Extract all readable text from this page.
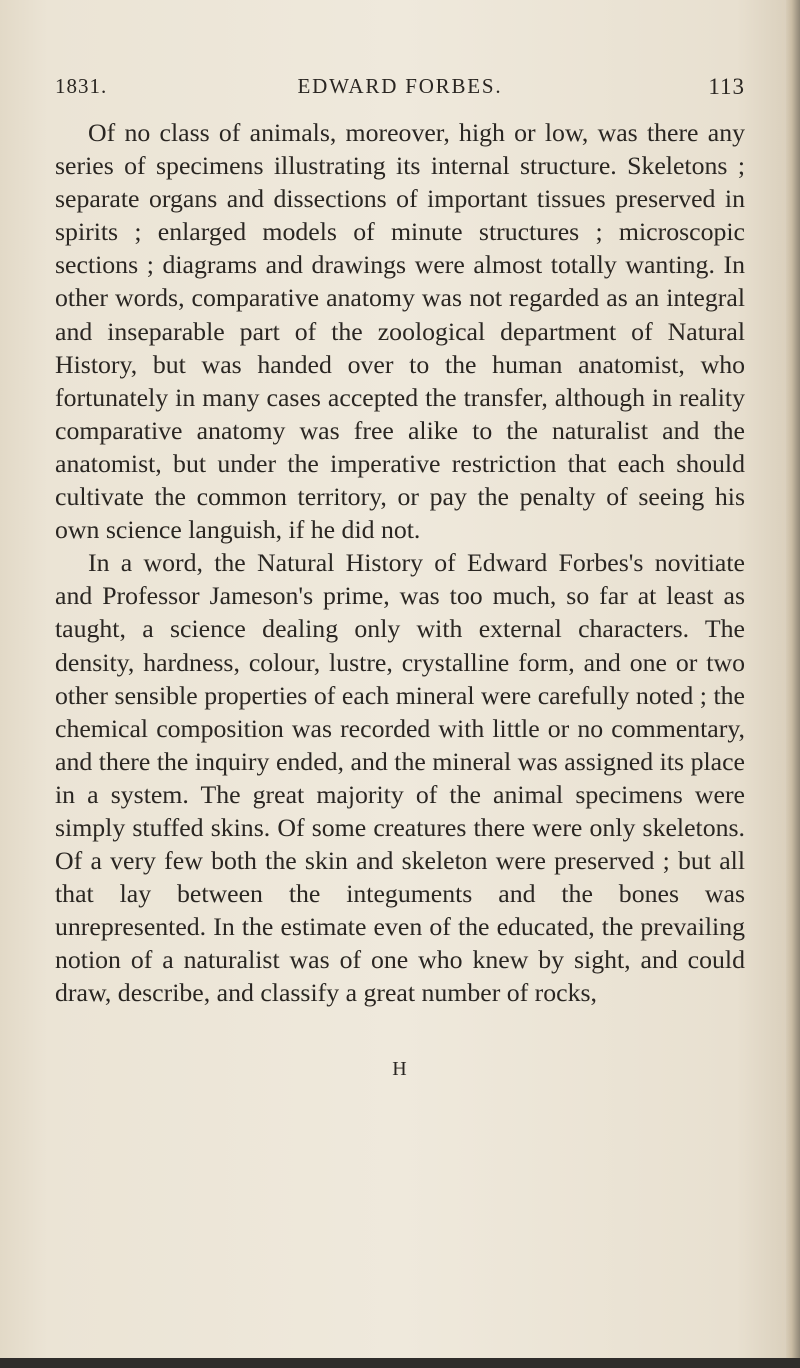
1831.	EDWARD FORBES.	113

Of no class of animals, moreover, high or low, was there any series of specimens illustrating its internal structure. Skeletons ; separate organs and dissections of important tissues preserved in spirits ; enlarged models of minute structures ; microscopic sections ; diagrams and drawings were almost totally wanting. In other words, comparative anatomy was not regarded as an integral and inseparable part of the zoological department of Natural History, but was handed over to the human anatomist, who fortunately in many cases accepted the transfer, although in reality comparative anatomy was free alike to the naturalist and the anatomist, but under the imperative restriction that each should cultivate the common territory, or pay the penalty of seeing his own science languish, if he did not.

In a word, the Natural History of Edward Forbes's novitiate and Professor Jameson's prime, was too much, so far at least as taught, a science dealing only with external characters. The density, hardness, colour, lustre, crystalline form, and one or two other sensible properties of each mineral were carefully noted ; the chemical composition was recorded with little or no commentary, and there the inquiry ended, and the mineral was assigned its place in a system. The great majority of the animal specimens were simply stuffed skins. Of some creatures there were only skeletons. Of a very few both the skin and skeleton were preserved ; but all that lay between the integuments and the bones was unrepresented. In the estimate even of the educated, the prevailing notion of a naturalist was of one who knew by sight, and could draw, describe, and classify a great number of rocks,

H
